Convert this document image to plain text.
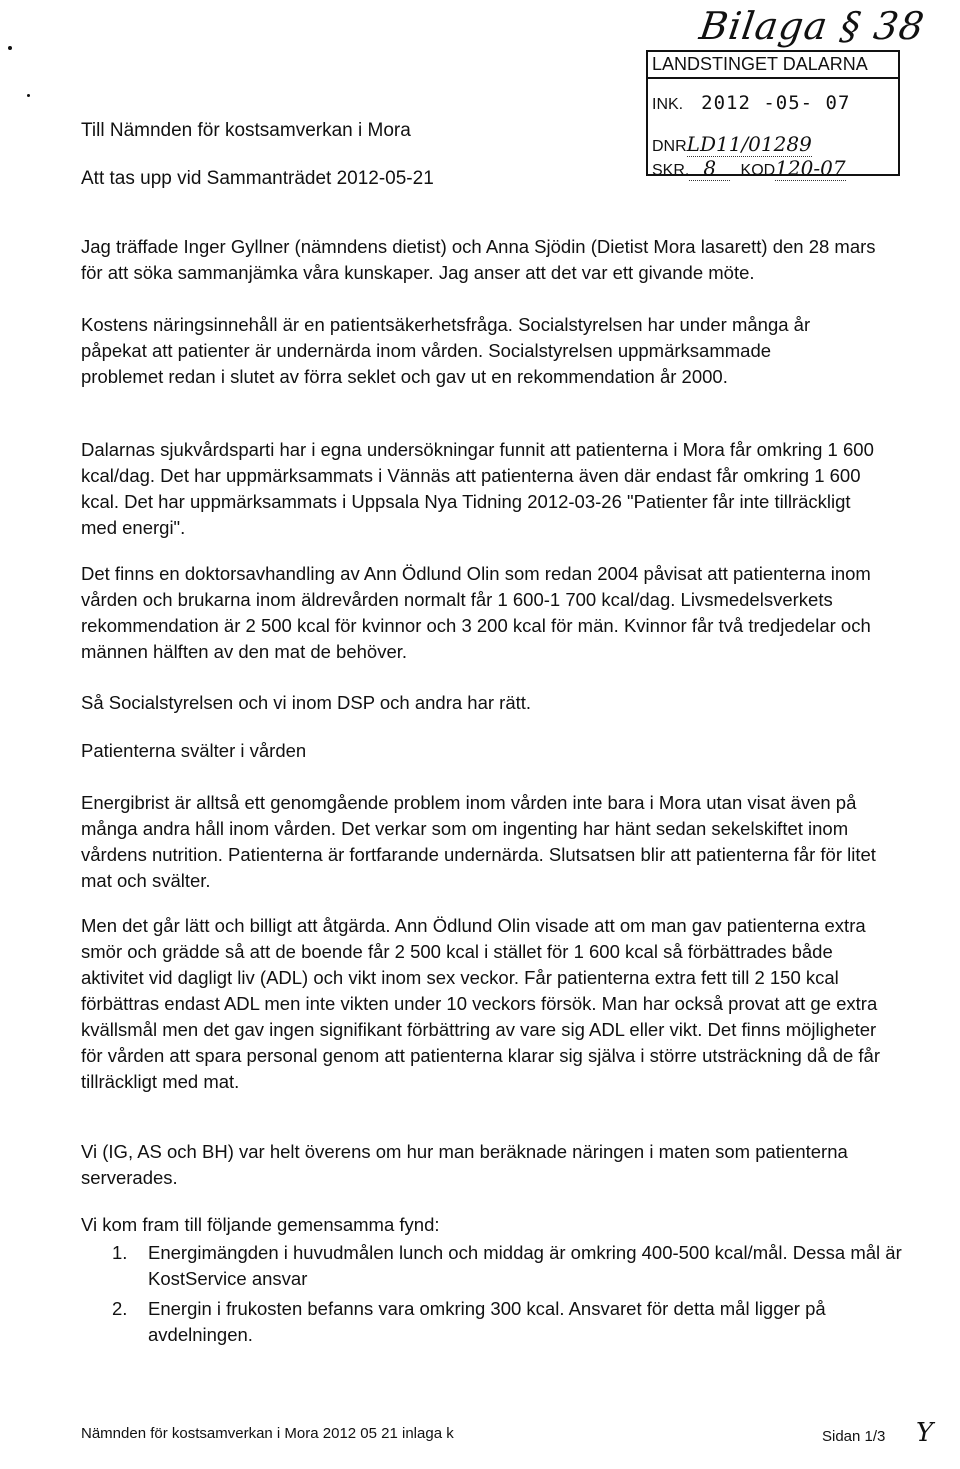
Bilaga § 38
LANDSTINGET DALARNA
INK. 2012 -05- 07
DNRLD11/01289
SKR. 8 KOD120-07
Till Nämnden för kostsamverkan i Mora
Att tas upp vid Sammanträdet 2012-05-21

Jag träffade Inger Gyllner (nämndens dietist) och Anna Sjödin (Dietist Mora lasarett) den 28 mars för att söka sammanjämka våra kunskaper. Jag anser att det var ett givande möte.

Kostens näringsinnehåll är en patientsäkerhetsfråga. Socialstyrelsen har under många år påpekat att patienter är undernärda inom vården. Socialstyrelsen uppmärksammade problemet redan i slutet av förra seklet och gav ut en rekommendation år 2000.

Dalarnas sjukvårdsparti har i egna undersökningar funnit att patienterna i Mora får omkring 1 600 kcal/dag. Det har uppmärksammats i Vännäs att patienterna även där endast får omkring 1 600 kcal. Det har uppmärksammats i Uppsala Nya Tidning 2012-03-26 "Patienter får inte tillräckligt med energi".

Det finns en doktorsavhandling av Ann Ödlund Olin som redan 2004 påvisat att patienterna inom vården och brukarna inom äldrevården normalt får 1 600-1 700 kcal/dag. Livsmedelsverkets rekommendation är 2 500 kcal för kvinnor och 3 200 kcal för män. Kvinnor får två tredjedelar och männen hälften av den mat de behöver.

Så Socialstyrelsen och vi inom DSP och andra har rätt.

Patienterna svälter i vården

Energibrist är alltså ett genomgående problem inom vården inte bara i Mora utan visat även på många andra håll inom vården. Det verkar som om ingenting har hänt sedan sekelskiftet inom vårdens nutrition. Patienterna är fortfarande undernärda. Slutsatsen blir att patienterna får för litet mat och svälter.

Men det går lätt och billigt att åtgärda. Ann Ödlund Olin visade att om man gav patienterna extra smör och grädde så att de boende får 2 500 kcal i stället för 1 600 kcal så förbättrades både aktivitet vid dagligt liv (ADL) och vikt inom sex veckor. Får patienterna extra fett till 2 150 kcal förbättras endast ADL men inte vikten under 10 veckors försök. Man har också provat att ge extra kvällsmål men det gav ingen signifikant förbättring av vare sig ADL eller vikt. Det finns möjligheter för vården att spara personal genom att patienterna klarar sig själva i större utsträckning då de får tillräckligt med mat.

Vi (IG, AS och BH) var helt överens om hur man beräknade näringen i maten som patienterna serverades.

Vi kom fram till följande gemensamma fynd:

1. Energimängden i huvudmålen lunch och middag är omkring 400-500 kcal/mål. Dessa mål är KostService ansvar
2. Energin i frukosten befanns vara omkring 300 kcal. Ansvaret för detta mål ligger på avdelningen.
Nämnden för kostsamverkan i Mora 2012 05 21 inlaga k	Sidan 1/3 Y
